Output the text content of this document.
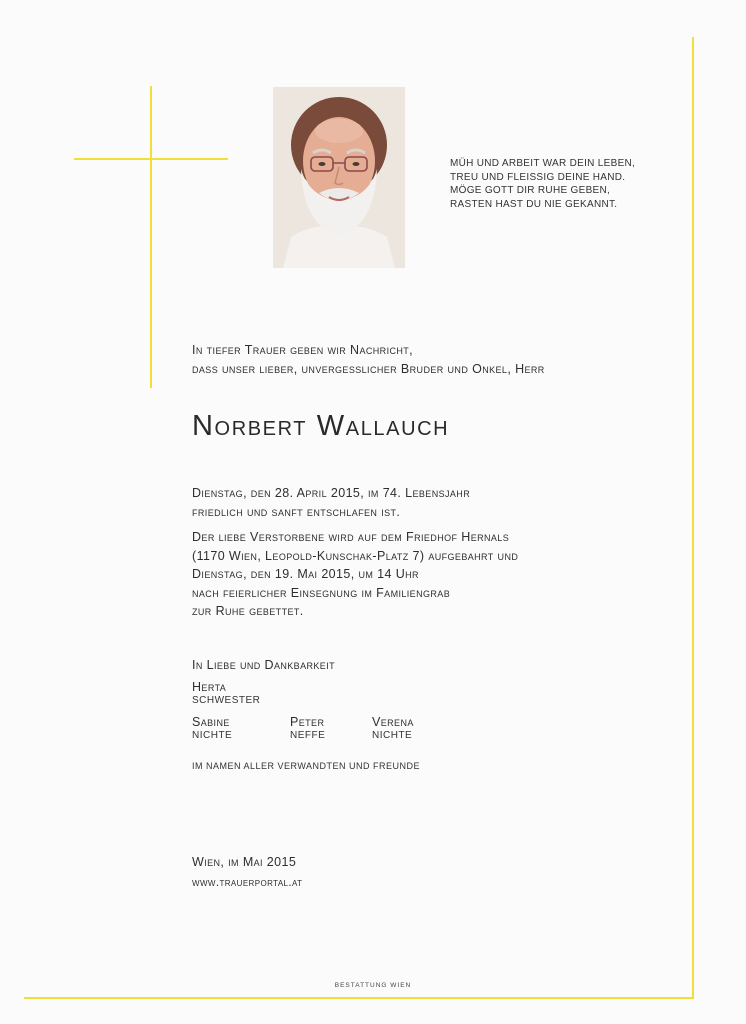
MÜH UND ARBEIT WAR DEIN LEBEN,
TREU UND FLEISSIG DEINE HAND.
MÖGE GOTT DIR RUHE GEBEN,
RASTEN HAST DU NIE GEKANNT.
In tiefer Trauer geben wir Nachricht,
dass unser lieber, unvergesslicher Bruder und Onkel, Herr
Norbert Wallauch
Dienstag, den 28. April 2015, im 74. Lebensjahr
friedlich und sanft entschlafen ist.
Der liebe Verstorbene wird auf dem Friedhof Hernals
(1170 Wien, Leopold-Kunschak-Platz 7) aufgebahrt und
Dienstag, den 19. Mai 2015, um 14 Uhr
nach feierlicher Einsegnung im Familiengrab
zur Ruhe gebettet.
In Liebe und Dankbarkeit
Herta
SCHWESTER
Sabine
NICHTE
Peter
NEFFE
Verena
NICHTE
IM NAMEN ALLER VERWANDTEN UND FREUNDE
Wien, im Mai 2015
www.trauerportal.at
BESTATTUNG WIEN
